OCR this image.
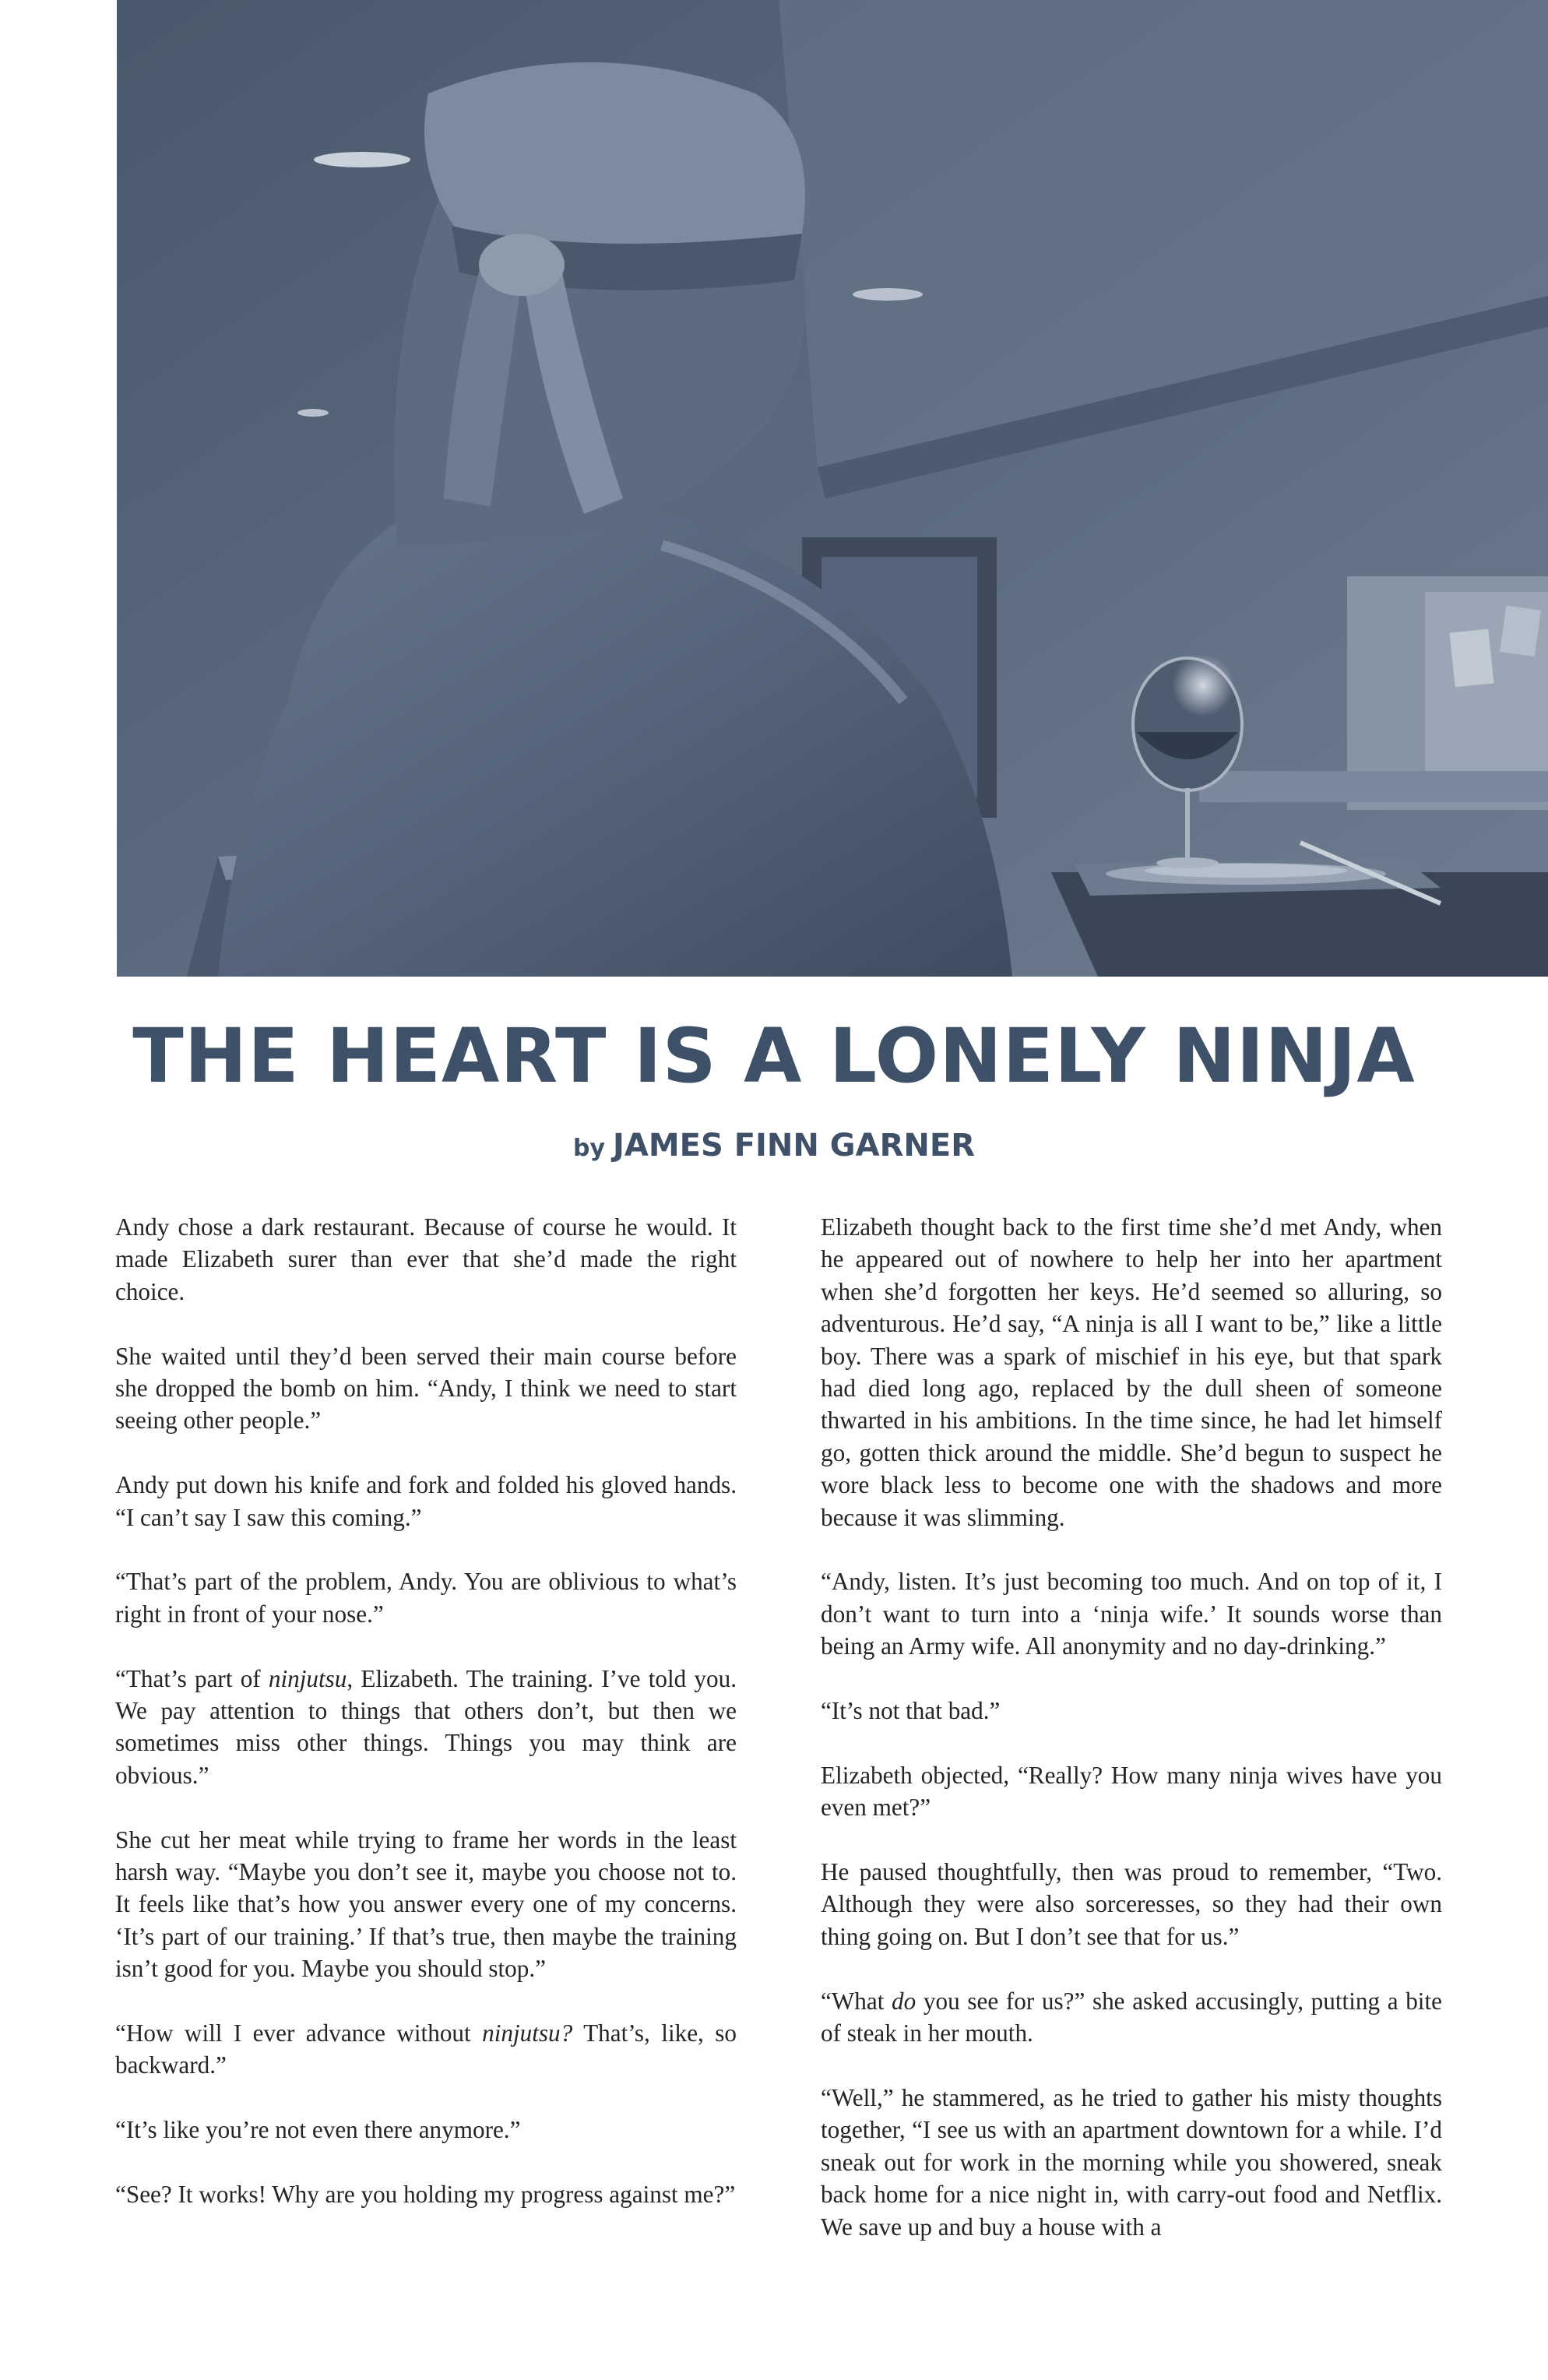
THE HEART IS A LONELY NINJA
by JAMES FINN GARNER

Andy chose a dark restaurant. Because of course he would. It made Elizabeth surer than ever that she’d made the right choice.

She waited until they’d been served their main course before she dropped the bomb on him. “Andy, I think we need to start seeing other people.”

Andy put down his knife and fork and folded his gloved hands. “I can’t say I saw this coming.”

“That’s part of the problem, Andy. You are oblivious to what’s right in front of your nose.”

“That’s part of ninjutsu, Elizabeth. The training. I’ve told you. We pay attention to things that others don’t, but then we sometimes miss other things. Things you may think are obvious.”

She cut her meat while trying to frame her words in the least harsh way. “Maybe you don’t see it, maybe you choose not to. It feels like that’s how you answer every one of my concerns. ‘It’s part of our training.’ If that’s true, then maybe the training isn’t good for you. Maybe you should stop.”

“How will I ever advance without ninjutsu? That’s, like, so backward.”

“It’s like you’re not even there anymore.”

“See? It works! Why are you holding my progress against me?”

Elizabeth thought back to the first time she’d met Andy, when he appeared out of nowhere to help her into her apartment when she’d forgotten her keys. He’d seemed so alluring, so adventurous. He’d say, “A ninja is all I want to be,” like a little boy. There was a spark of mischief in his eye, but that spark had died long ago, replaced by the dull sheen of someone thwarted in his ambitions. In the time since, he had let himself go, gotten thick around the middle. She’d begun to suspect he wore black less to become one with the shadows and more because it was slimming.

“Andy, listen. It’s just becoming too much. And on top of it, I don’t want to turn into a ‘ninja wife.’ It sounds worse than being an Army wife. All anonymity and no day-drinking.”

“It’s not that bad.”

Elizabeth objected, “Really? How many ninja wives have you even met?”

He paused thoughtfully, then was proud to remember, “Two. Although they were also sorceresses, so they had their own thing going on. But I don’t see that for us.”

“What do you see for us?” she asked accusingly, putting a bite of steak in her mouth.

“Well,” he stammered, as he tried to gather his misty thoughts together, “I see us with an apartment downtown for a while. I’d sneak out for work in the morning while you showered, sneak back home for a nice night in, with carry-out food and Netflix. We save up and buy a house with a
